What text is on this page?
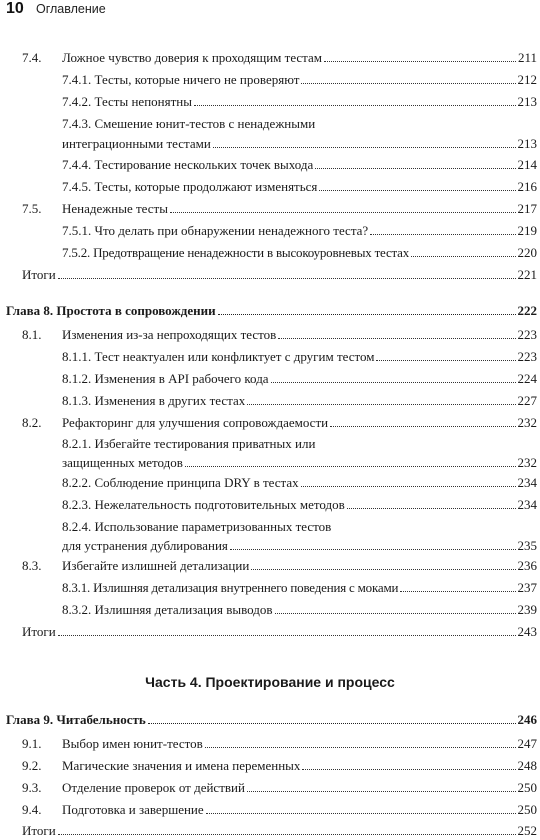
10 Оглавление
7.4. Ложное чувство доверия к проходящим тестам	211
7.4.1. Тесты, которые ничего не проверяют	212
7.4.2. Тесты непонятны	213
7.4.3. Смешение юнит-тестов с ненадежными
интеграционными тестами	213
7.4.4. Тестирование нескольких точек выхода	214
7.4.5. Тесты, которые продолжают изменяться	216
7.5. Ненадежные тесты	217
7.5.1. Что делать при обнаружении ненадежного теста?	219
7.5.2. Предотвращение ненадежности в высокоуровневых тестах	220
Итоги	221
Глава 8. Простота в сопровождении	222
8.1. Изменения из-за непроходящих тестов	223
8.1.1. Тест неактуален или конфликтует с другим тестом	223
8.1.2. Изменения в API рабочего кода	224
8.1.3. Изменения в других тестах	227
8.2. Рефакторинг для улучшения сопровождаемости	232
8.2.1. Избегайте тестирования приватных или
защищенных методов	232
8.2.2. Соблюдение принципа DRY в тестах	234
8.2.3. Нежелательность подготовительных методов	234
8.2.4. Использование параметризованных тестов
для устранения дублирования	235
8.3. Избегайте излишней детализации	236
8.3.1. Излишняя детализация внутреннего поведения с моками	237
8.3.2. Излишняя детализация выводов	239
Итоги	243
Часть 4. Проектирование и процесс
Глава 9. Читабельность	246
9.1. Выбор имен юнит-тестов	247
9.2. Магические значения и имена переменных	248
9.3. Отделение проверок от действий	250
9.4. Подготовка и завершение	250
Итоги	252
